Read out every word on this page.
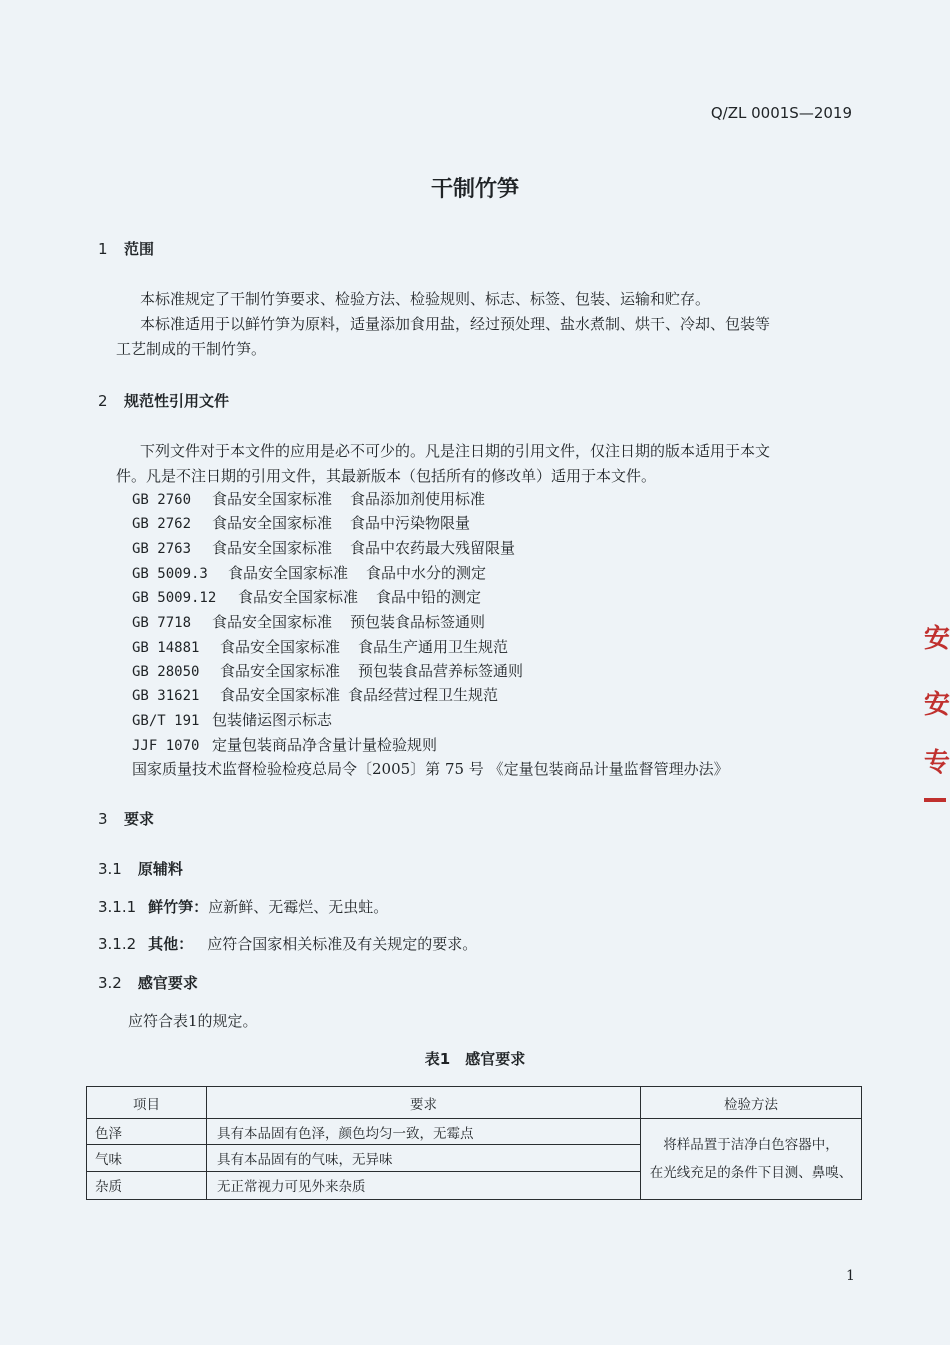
Q/ZL 0001S—2019
干制竹笋
1 范围
本标准规定了干制竹笋要求、检验方法、检验规则、标志、标签、包装、运输和贮存。
本标准适用于以鲜竹笋为原料，适量添加食用盐，经过预处理、盐水煮制、烘干、冷却、包装等
工艺制成的干制竹笋。
2 规范性引用文件
下列文件对于本文件的应用是必不可少的。凡是注日期的引用文件，仅注日期的版本适用于本文
件。凡是不注日期的引用文件，其最新版本（包括所有的修改单）适用于本文件。
GB 2760 食品安全国家标准 食品添加剂使用标准
GB 2762 食品安全国家标准 食品中污染物限量
GB 2763 食品安全国家标准 食品中农药最大残留限量
GB 5009.3 食品安全国家标准 食品中水分的测定
GB 5009.12 食品安全国家标准 食品中铅的测定
GB 7718 食品安全国家标准 预包装食品标签通则
GB 14881 食品安全国家标准 食品生产通用卫生规范
GB 28050 食品安全国家标准 预包装食品营养标签通则
GB 31621 食品安全国家标准 食品经营过程卫生规范
GB/T 191 包装储运图示标志
JJF 1070 定量包装商品净含量计量检验规则
国家质量技术监督检验检疫总局令〔2005〕第 75 号 《定量包装商品计量监督管理办法》
3 要求
3.1 原辅料
3.1.1 鲜竹笋：应新鲜、无霉烂、无虫蛀。
3.1.2 其他： 应符合国家相关标准及有关规定的要求。
3.2 感官要求
应符合表1的规定。
表1　感官要求
项目	要求	检验方法
色泽	具有本品固有色泽，颜色均匀一致，无霉点
气味	具有本品固有的气味，无异味
杂质	无正常视力可见外来杂质
将样品置于洁净白色容器中，
在光线充足的条件下目测、鼻嗅、
安
安
专
1
